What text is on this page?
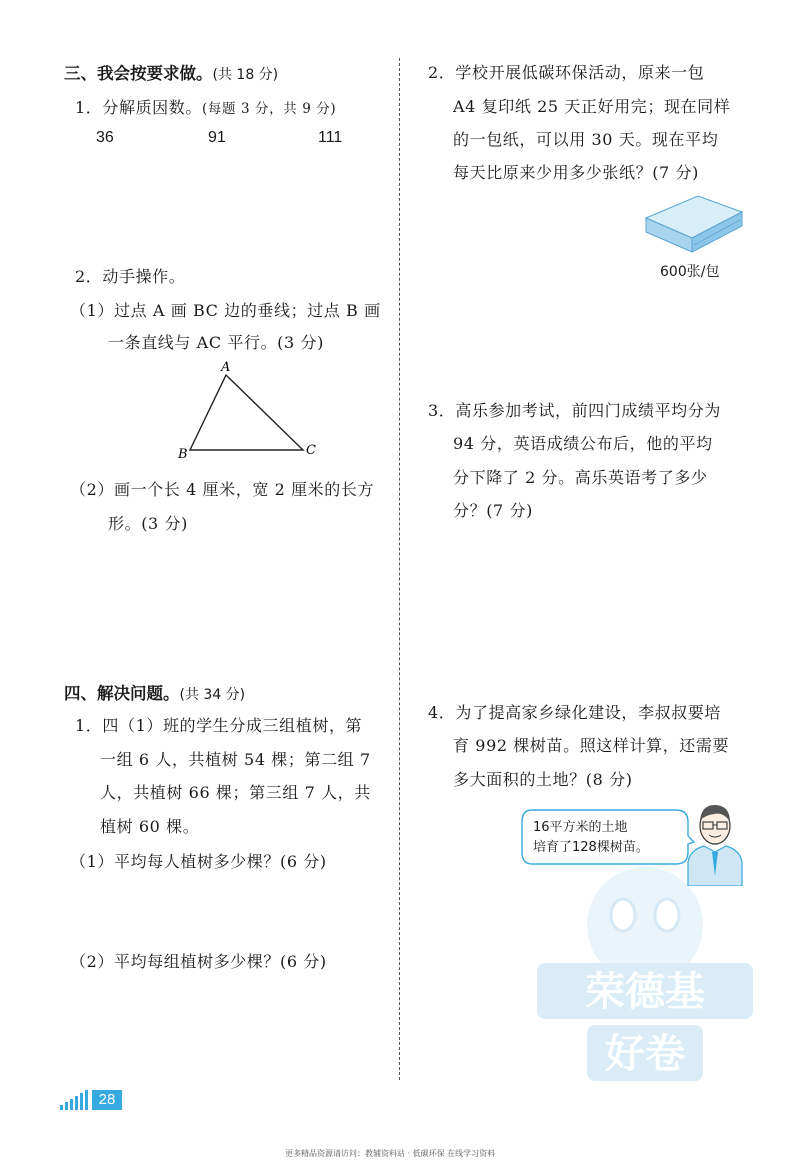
三、我会按要求做。(共 18 分)
1．分解质因数。(每题 3 分，共 9 分)
36	91	111
2．动手操作。
（1）过点 A 画 BC 边的垂线；过点 B 画
一条直线与 AC 平行。(3 分)
A
B	C
（2）画一个长 4 厘米，宽 2 厘米的长方
形。(3 分)
四、解决问题。(共 34 分)
1．四（1）班的学生分成三组植树，第
一组 6 人，共植树 54 棵；第二组 7
人，共植树 66 棵；第三组 7 人，共
植树 60 棵。
（1）平均每人植树多少棵？(6 分)
（2）平均每组植树多少棵？(6 分)
2．学校开展低碳环保活动，原来一包
A4 复印纸 25 天正好用完；现在同样
的一包纸，可以用 30 天。现在平均
每天比原来少用多少张纸？(7 分)
600张/包
3．高乐参加考试，前四门成绩平均分为
94 分，英语成绩公布后，他的平均
分下降了 2 分。高乐英语考了多少
分？(7 分)
4．为了提高家乡绿化建设，李叔叔要培
育 992 棵树苗。照这样计算，还需要
多大面积的土地？(8 分)
荣德基
好卷
16平方米的土地
培育了128棵树苗。
28
更多精品资源请访问：教辅资料站 · 低碳环保 在线学习资料
